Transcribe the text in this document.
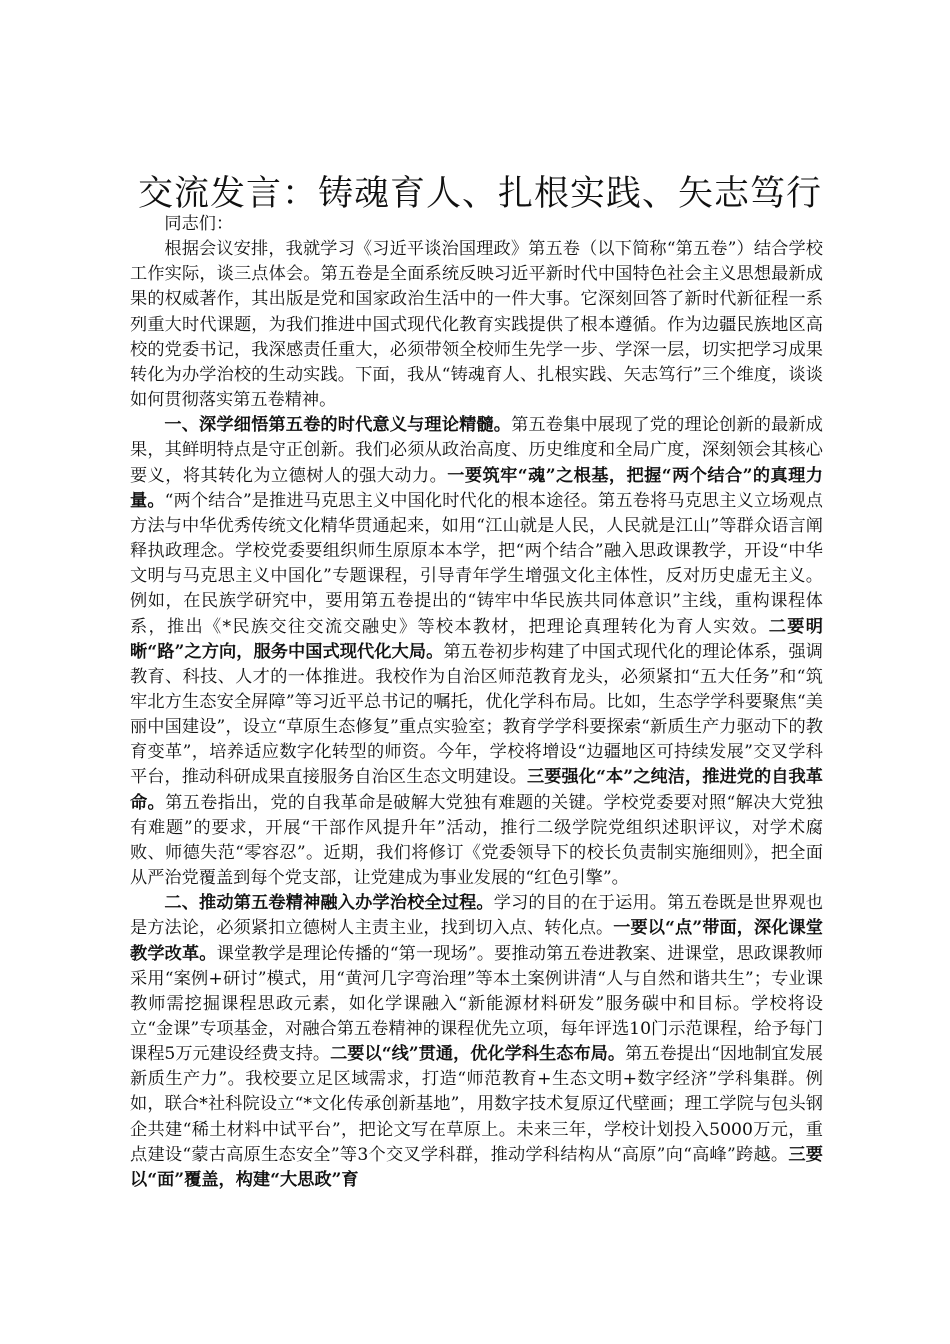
交流发言：铸魂育人、扎根实践、矢志笃行

同志们：

根据会议安排，我就学习《习近平谈治国理政》第五卷（以下简称“第五卷”）结合学校工作实际，谈三点体会。第五卷是全面系统反映习近平新时代中国特色社会主义思想最新成果的权威著作，其出版是党和国家政治生活中的一件大事。它深刻回答了新时代新征程一系列重大时代课题，为我们推进中国式现代化教育实践提供了根本遵循。作为边疆民族地区高校的党委书记，我深感责任重大，必须带领全校师生先学一步、学深一层，切实把学习成果转化为办学治校的生动实践。下面，我从“铸魂育人、扎根实践、矢志笃行”三个维度，谈谈如何贯彻落实第五卷精神。

一、深学细悟第五卷的时代意义与理论精髓。第五卷集中展现了党的理论创新的最新成果，其鲜明特点是守正创新。我们必须从政治高度、历史维度和全局广度，深刻领会其核心要义，将其转化为立德树人的强大动力。一要筑牢“魂”之根基，把握“两个结合”的真理力量。“两个结合”是推进马克思主义中国化时代化的根本途径。第五卷将马克思主义立场观点方法与中华优秀传统文化精华贯通起来，如用“江山就是人民，人民就是江山”等群众语言阐释执政理念。学校党委要组织师生原原本本学，把“两个结合”融入思政课教学，开设“中华文明与马克思主义中国化”专题课程，引导青年学生增强文化主体性，反对历史虚无主义。例如，在民族学研究中，要用第五卷提出的“铸牢中华民族共同体意识”主线，重构课程体系，推出《*民族交往交流交融史》等校本教材，把理论真理转化为育人实效。二要明晰“路”之方向，服务中国式现代化大局。第五卷初步构建了中国式现代化的理论体系，强调教育、科技、人才的一体推进。我校作为自治区师范教育龙头，必须紧扣“五大任务”和“筑牢北方生态安全屏障”等习近平总书记的嘱托，优化学科布局。比如，生态学学科要聚焦“美丽中国建设”，设立“草原生态修复”重点实验室；教育学学科要探索“新质生产力驱动下的教育变革”，培养适应数字化转型的师资。今年，学校将增设“边疆地区可持续发展”交叉学科平台，推动科研成果直接服务自治区生态文明建设。三要强化“本”之纯洁，推进党的自我革命。第五卷指出，党的自我革命是破解大党独有难题的关键。学校党委要对照“解决大党独有难题”的要求，开展“干部作风提升年”活动，推行二级学院党组织述职评议，对学术腐败、师德失范“零容忍”。近期，我们将修订《党委领导下的校长负责制实施细则》，把全面从严治党覆盖到每个党支部，让党建成为事业发展的“红色引擎”。

二、推动第五卷精神融入办学治校全过程。学习的目的在于运用。第五卷既是世界观也是方法论，必须紧扣立德树人主责主业，找到切入点、转化点。一要以“点”带面，深化课堂教学改革。课堂教学是理论传播的“第一现场”。要推动第五卷进教案、进课堂，思政课教师采用“案例+研讨”模式，用“黄河几字弯治理”等本土案例讲清“人与自然和谐共生”；专业课教师需挖掘课程思政元素，如化学课融入“新能源材料研发”服务碳中和目标。学校将设立“金课”专项基金，对融合第五卷精神的课程优先立项，每年评选10门示范课程，给予每门课程5万元建设经费支持。二要以“线”贯通，优化学科生态布局。第五卷提出“因地制宜发展新质生产力”。我校要立足区域需求，打造“师范教育+生态文明+数字经济”学科集群。例如，联合*社科院设立“*文化传承创新基地”，用数字技术复原辽代壁画；理工学院与包头钢企共建“稀土材料中试平台”，把论文写在草原上。未来三年，学校计划投入5000万元，重点建设“蒙古高原生态安全”等3个交叉学科群，推动学科结构从“高原”向“高峰”跨越。三要以“面”覆盖，构建“大思政”育
